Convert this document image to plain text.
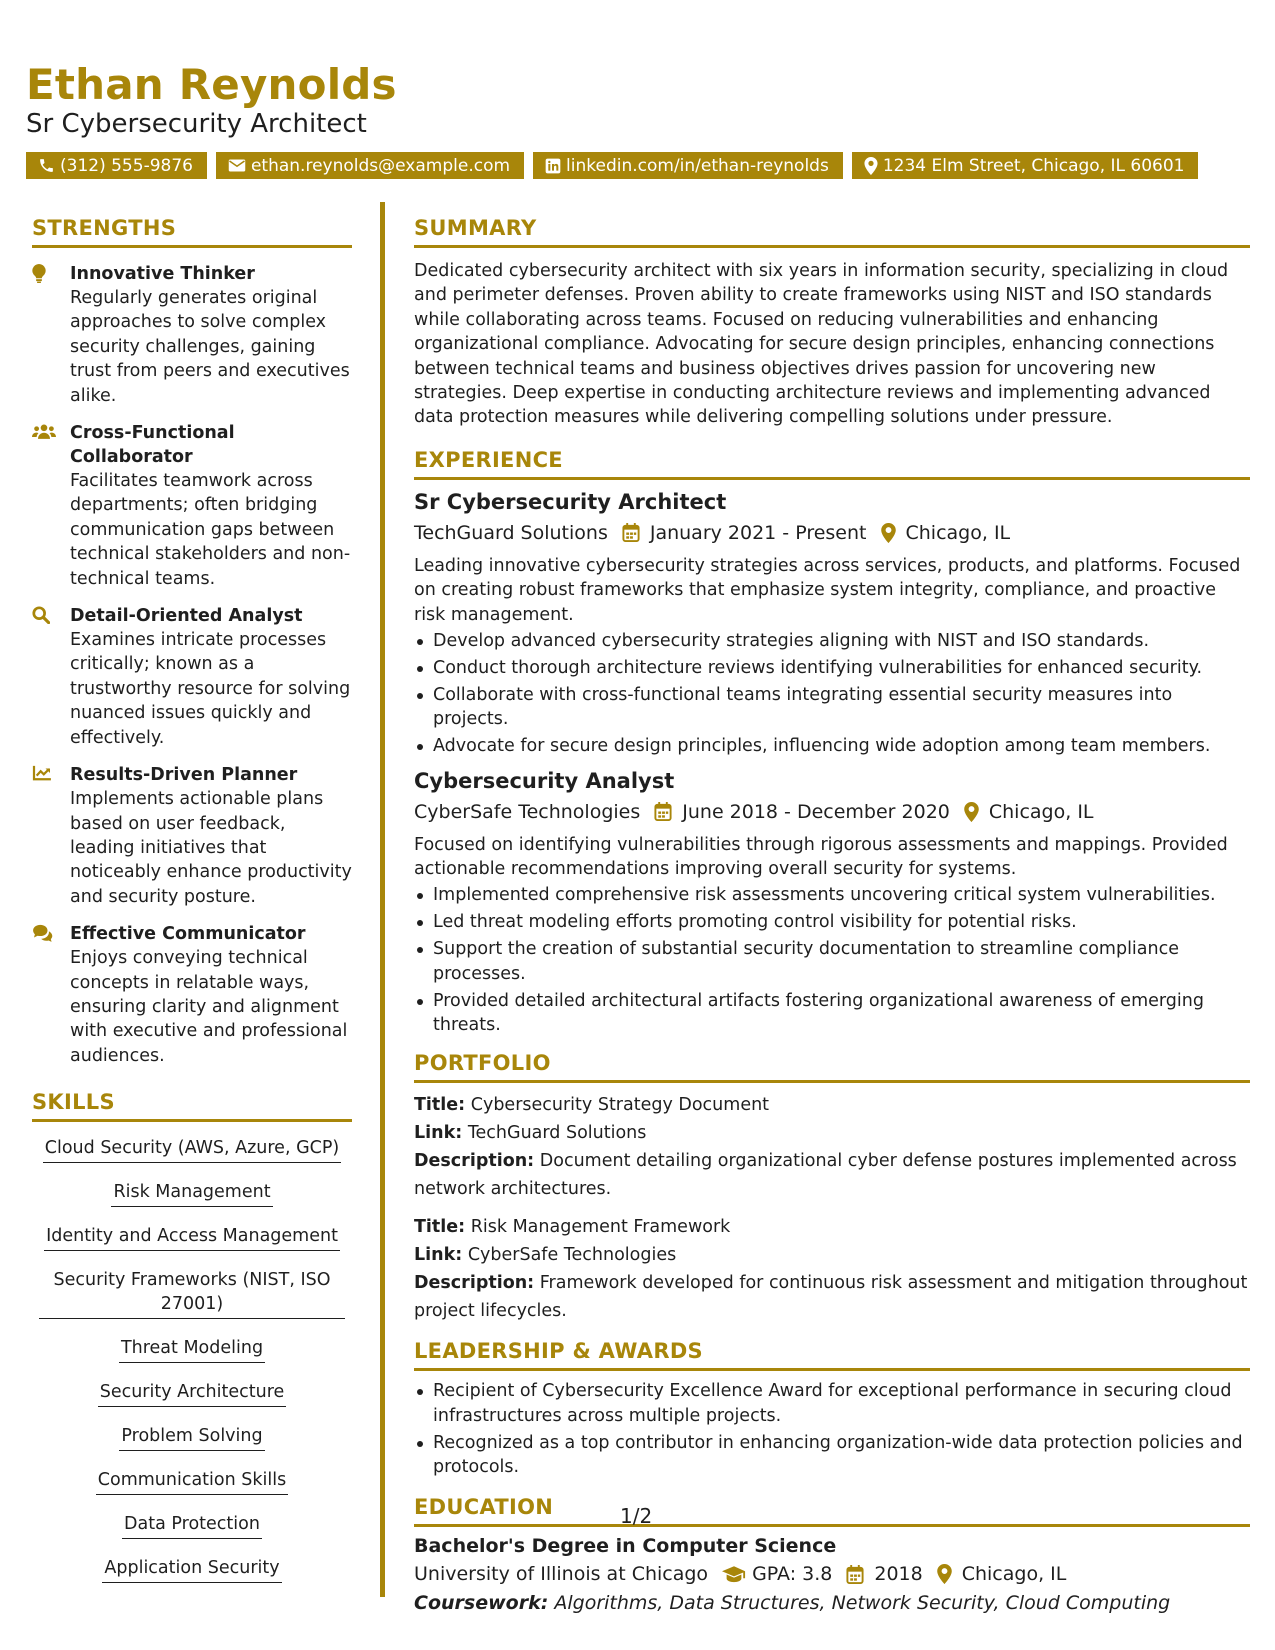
Ethan Reynolds
Sr Cybersecurity Architect
(312) 555-9876	ethan.reynolds@example.com	linkedin.com/in/ethan-reynolds	1234 Elm Street, Chicago, IL 60601
STRENGTHS
Innovative Thinker
Regularly generates original approaches to solve complex security challenges, gaining trust from peers and executives alike.
Cross-Functional Collaborator
Facilitates teamwork across departments; often bridging communication gaps between technical stakeholders and non-technical teams.
Detail-Oriented Analyst
Examines intricate processes critically; known as a trustworthy resource for solving nuanced issues quickly and effectively.
Results-Driven Planner
Implements actionable plans based on user feedback, leading initiatives that noticeably enhance productivity and security posture.
Effective Communicator
Enjoys conveying technical concepts in relatable ways, ensuring clarity and alignment with executive and professional audiences.
SKILLS
Cloud Security (AWS, Azure, GCP)
Risk Management
Identity and Access Management
Security Frameworks (NIST, ISO 27001)
Threat Modeling
Security Architecture
Problem Solving
Communication Skills
Data Protection
Application Security
SUMMARY
Dedicated cybersecurity architect with six years in information security, specializing in cloud and perimeter defenses. Proven ability to create frameworks using NIST and ISO standards while collaborating across teams. Focused on reducing vulnerabilities and enhancing organizational compliance. Advocating for secure design principles, enhancing connections between technical teams and business objectives drives passion for uncovering new strategies. Deep expertise in conducting architecture reviews and implementing advanced data protection measures while delivering compelling solutions under pressure.
EXPERIENCE
Sr Cybersecurity Architect
TechGuard Solutions January 2021 - Present Chicago, IL
Leading innovative cybersecurity strategies across services, products, and platforms. Focused on creating robust frameworks that emphasize system integrity, compliance, and proactive risk management.
Develop advanced cybersecurity strategies aligning with NIST and ISO standards.
Conduct thorough architecture reviews identifying vulnerabilities for enhanced security.
Collaborate with cross-functional teams integrating essential security measures into projects.
Advocate for secure design principles, influencing wide adoption among team members.
Cybersecurity Analyst
CyberSafe Technologies June 2018 - December 2020 Chicago, IL
Focused on identifying vulnerabilities through rigorous assessments and mappings. Provided actionable recommendations improving overall security for systems.
Implemented comprehensive risk assessments uncovering critical system vulnerabilities.
Led threat modeling efforts promoting control visibility for potential risks.
Support the creation of substantial security documentation to streamline compliance processes.
Provided detailed architectural artifacts fostering organizational awareness of emerging threats.
PORTFOLIO
Title: Cybersecurity Strategy Document
Link: TechGuard Solutions
Description: Document detailing organizational cyber defense postures implemented across network architectures.
Title: Risk Management Framework
Link: CyberSafe Technologies
Description: Framework developed for continuous risk assessment and mitigation throughout project lifecycles.
LEADERSHIP & AWARDS
Recipient of Cybersecurity Excellence Award for exceptional performance in securing cloud infrastructures across multiple projects.
Recognized as a top contributor in enhancing organization-wide data protection policies and protocols.
EDUCATION
Bachelor's Degree in Computer Science
University of Illinois at Chicago GPA: 3.8 2018 Chicago, IL
Coursework: Algorithms, Data Structures, Network Security, Cloud Computing
1/2
